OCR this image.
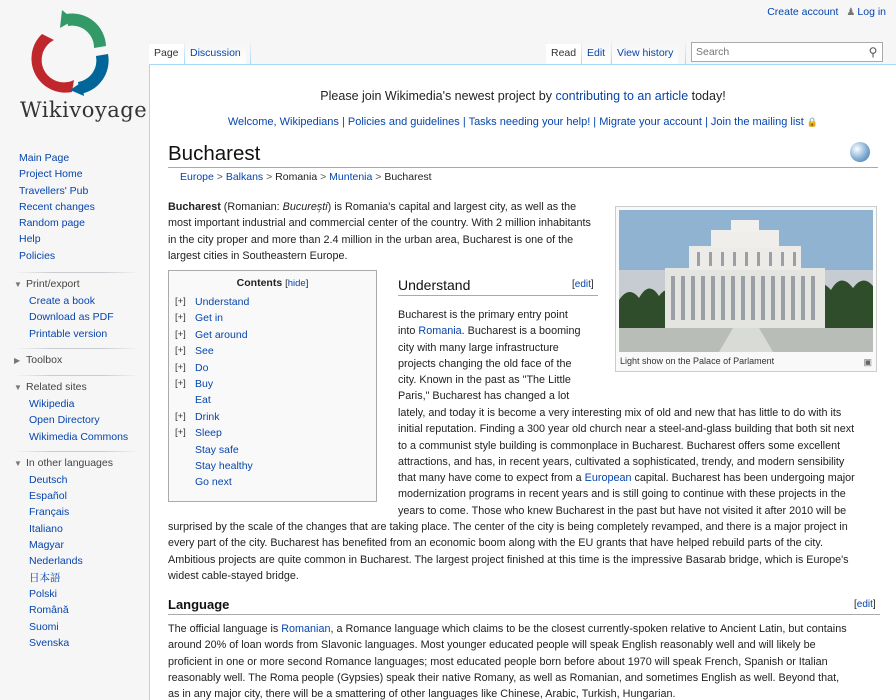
Wikivoyage
Main Page
Project Home
Travellers' Pub
Recent changes
Random page
Help
Policies
▼ Print/export
Create a book
Download as PDF
Printable version
▶ Toolbox
▼ Related sites
Wikipedia
Open Directory
Wikimedia Commons
▼ In other languages
Deutsch
Español
Français
Italiano
Magyar
Nederlands
日本語
Polski
Română
Suomi
Svenska
Create account ♟ Log in
Page	Discussion	Read	Edit	View history
Search	⚲
Please join Wikimedia's newest project by contributing to an article today!
Welcome, Wikipedians | Policies and guidelines | Tasks needing your help! | Migrate your account | Join the mailing list 🔒
Bucharest
Europe > Balkans > Romania > Muntenia > Bucharest
Bucharest (Romanian: București) is Romania's capital and largest city, as well as the most important industrial and commercial center of the country. With 2 million inhabitants in the city proper and more than 2.4 million in the urban area, Bucharest is one of the largest cities in Southeastern Europe.
Light show on the Palace of Parlament	▣
Contents [hide]
[+] Understand
[+] Get in
[+] Get around
[+] See
[+] Do
[+] Buy
Eat
[+] Drink
[+] Sleep
Stay safe
Stay healthy
Go next
Understand	[edit]
Bucharest is the primary entry point
into Romania. Bucharest is a booming
city with many large infrastructure
projects changing the old face of the
city. Known in the past as "The Little
Paris," Bucharest has changed a lot
lately, and today it is become a very interesting mix of old and new that has little to do with its
initial reputation. Finding a 300 year old church near a steel-and-glass building that both sit next
to a communist style building is commonplace in Bucharest. Bucharest offers some excellent
attractions, and has, in recent years, cultivated a sophisticated, trendy, and modern sensibility
that many have come to expect from a European capital. Bucharest has been undergoing major
modernization programs in recent years and is still going to continue with these projects in the
years to come. Those who knew Bucharest in the past but have not visited it after 2010 will be
surprised by the scale of the changes that are taking place. The center of the city is being completely revamped, and there is a major project in
every part of the city. Bucharest has benefited from an economic boom along with the EU grants that have helped rebuild parts of the city.
Ambitious projects are quite common in Bucharest. The largest project finished at this time is the impressive Basarab bridge, which is Europe's
widest cable-stayed bridge.
Language	[edit]
The official language is Romanian, a Romance language which claims to be the closest currently-spoken relative to Ancient Latin, but contains
around 20% of loan words from Slavonic languages. Most younger educated people will speak English reasonably well and will likely be
proficient in one or more second Romance languages; most educated people born before about 1970 will speak French, Spanish or Italian
reasonably well. The Roma people (Gypsies) speak their native Romany, as well as Romanian, and sometimes English as well. Beyond that,
as in any major city, there will be a smattering of other languages like Chinese, Arabic, Turkish, Hungarian.
